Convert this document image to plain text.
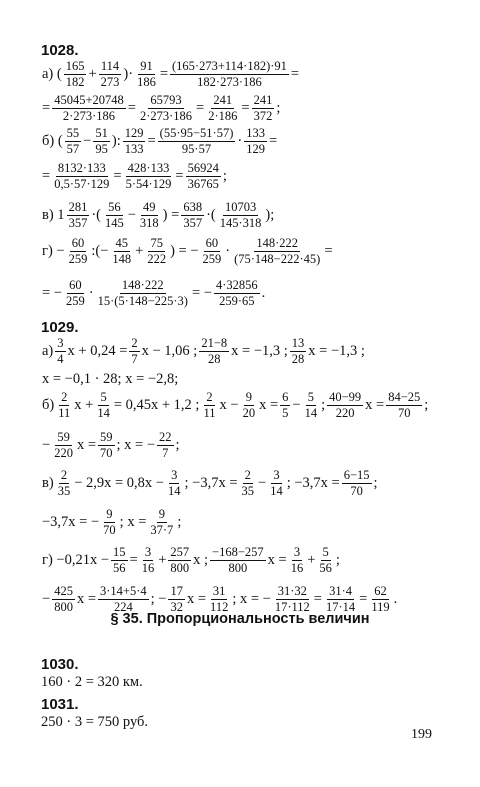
1028.
а) ( $\frac{165}{182} + \frac{114}{273}$ )· $\frac{91}{186} = \frac{(165\cdot 273+114\cdot 182)\cdot 91}{182\cdot 273\cdot 186}$ =
= $\frac{45045+20748}{2\cdot 273\cdot 186} = \frac{65793}{2\cdot 273\cdot 186} = \frac{241}{2\cdot 186} = \frac{241}{372}$ ;
б) ( $\frac{55}{57} - \frac{51}{95}$ ): $\frac{129}{133} = \frac{(55\cdot 95-51\cdot 57)}{95\cdot 57} \cdot \frac{133}{129}$ =
= $\frac{8132\cdot 133}{0,5\cdot 57\cdot 129} = \frac{428\cdot 133}{5\cdot 54\cdot 129} = \frac{56924}{36765}$ ;
в) $1 \frac{281}{357}$ ·( $\frac{56}{145} - \frac{49}{318}$ ) = $\frac{638}{357}$ ·( $\frac{10703}{145\cdot 318}$ );
$г) - \frac{60}{259}$ :(− $\frac{45}{148} + \frac{75}{222}$ ) = − $\frac{60}{259} \cdot \frac{148\cdot 222}{(75\cdot 148-222\cdot 45)}$ =
= − $\frac{60}{259} \cdot \frac{148\cdot 222}{15\cdot(5\cdot 148-225\cdot 3)}$ = − $\frac{4\cdot 32856}{259\cdot 65}$ .
1029.
$а) \frac{3}{4}$ $x + 0,24 = \frac{2}{7}$ x − 1,06 ; $\frac{21-8}{28}$ x = −1,3 ; $\frac{13}{28}$ x = −1,3 ;
x = −0,1 · 28; x = −2,8;
$б) \frac{2}{11}$ $x + \frac{5}{14} = 0,45x + 1,2$ ; $\frac{2}{11}$ $x - \frac{9}{20}$ $x = \frac{6}{5} - \frac{5}{14}$ ; $\frac{40-99}{220}$ $x = \frac{84-25}{70}$ ;
− $\frac{59}{220}$ $x = \frac{59}{70}$ ; x = − $\frac{22}{7}$ ;
$в) \frac{2}{35} - 2,9x = 0,8x - \frac{3}{14}$ ; $-3,7x = \frac{2}{35} - \frac{3}{14}$ ; $-3,7x = \frac{6-15}{70}$ ;
−3,7x = − $\frac{9}{70}$ ; $x = \frac{9}{37\cdot 7}$ ;
$г) -0,21x - \frac{15}{56} = \frac{3}{16} + \frac{257}{800}$ x ; $\frac{-168-257}{800}$ $x = \frac{3}{16} + \frac{5}{56}$ ;
− $\frac{425}{800}$ $x = \frac{3\cdot 14+5\cdot 4}{224}$ ; − $\frac{17}{32}$ $x = \frac{31}{112}$ ; x = − $\frac{31\cdot 32}{17\cdot 112} = \frac{31\cdot 4}{17\cdot 14} = \frac{62}{119}$ .
§ 35. Пропорциональность величин
1030.
160 · 2 = 320 км.
1031.
250 · 3 = 750 руб.
199
